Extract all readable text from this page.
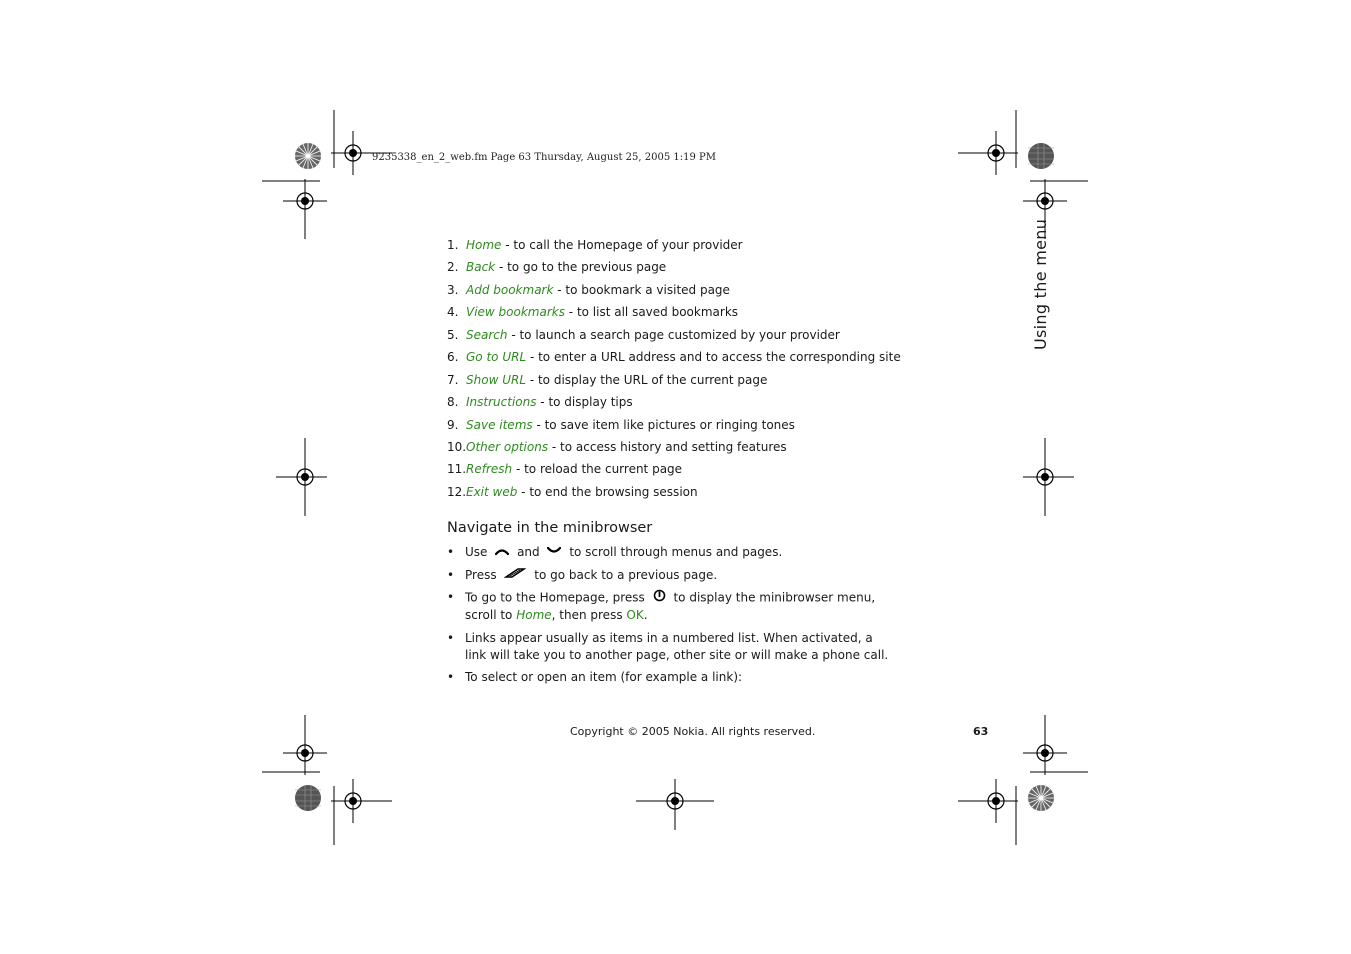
9235338_en_2_web.fm Page 63 Thursday, August 25, 2005 1:19 PM
Using the menu
1. Home - to call the Homepage of your provider
2. Back - to go to the previous page
3. Add bookmark - to bookmark a visited page
4. View bookmarks - to list all saved bookmarks
5. Search - to launch a search page customized by your provider
6. Go to URL - to enter a URL address and to access the corresponding site
7. Show URL - to display the URL of the current page
8. Instructions - to display tips
9. Save items - to save item like pictures or ringing tones
10. Other options - to access history and setting features
11. Refresh - to reload the current page
12. Exit web - to end the browsing session
Navigate in the minibrowser
• Use and to scroll through menus and pages.
• Press	to go back to a previous page.
• To go to the Homepage, press to display the minibrowser menu, scroll to Home, then press OK.
• Links appear usually as items in a numbered list. When activated, a link will take you to another page, other site or will make a phone call.
• To select or open an item (for example a link):
Copyright © 2005 Nokia. All rights reserved.	63
